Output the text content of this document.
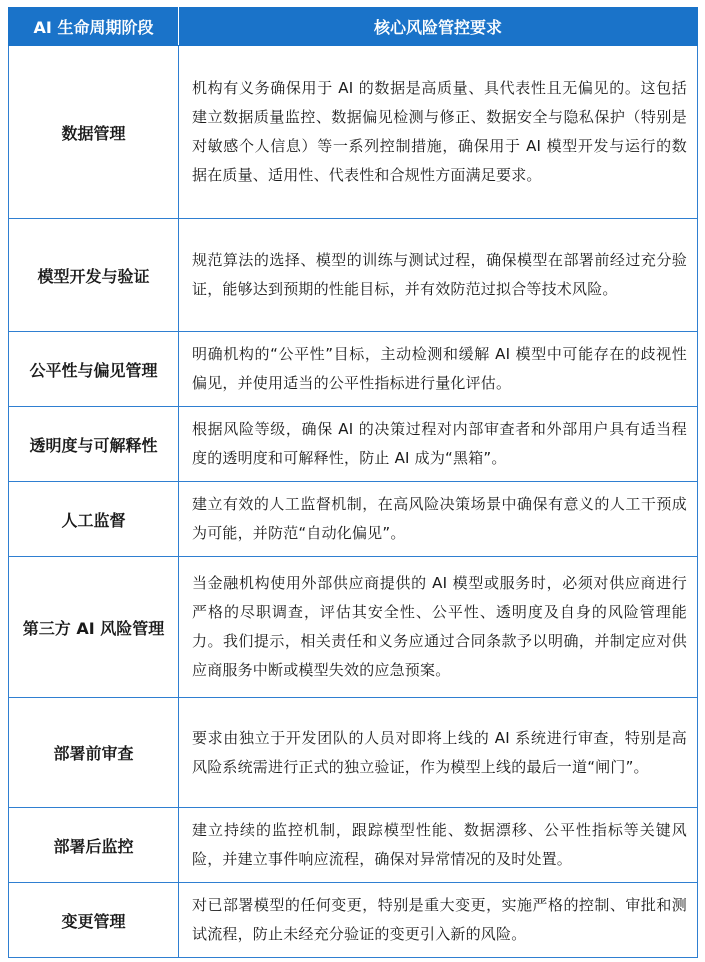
AI 生命周期阶段	核心风险管控要求
数据管理	机构有义务确保用于 AI 的数据是高质量、具代表性且无偏见的。这包括建立数据质量监控、数据偏见检测与修正、数据安全与隐私保护（特别是对敏感个人信息）等一系列控制措施，确保用于 AI 模型开发与运行的数据在质量、适用性、代表性和合规性方面满足要求。
模型开发与验证	规范算法的选择、模型的训练与测试过程，确保模型在部署前经过充分验证，能够达到预期的性能目标，并有效防范过拟合等技术风险。
公平性与偏见管理	明确机构的“公平性”目标，主动检测和缓解 AI 模型中可能存在的歧视性偏见，并使用适当的公平性指标进行量化评估。
透明度与可解释性	根据风险等级，确保 AI 的决策过程对内部审查者和外部用户具有适当程度的透明度和可解释性，防止 AI 成为“黑箱”。
人工监督	建立有效的人工监督机制，在高风险决策场景中确保有意义的人工干预成为可能，并防范“自动化偏见”。
第三方 AI 风险管理	当金融机构使用外部供应商提供的 AI 模型或服务时，必须对供应商进行严格的尽职调查，评估其安全性、公平性、透明度及自身的风险管理能力。我们提示，相关责任和义务应通过合同条款予以明确，并制定应对供应商服务中断或模型失效的应急预案。
部署前审查	要求由独立于开发团队的人员对即将上线的 AI 系统进行审查，特别是高风险系统需进行正式的独立验证，作为模型上线的最后一道“闸门”。
部署后监控	建立持续的监控机制，跟踪模型性能、数据漂移、公平性指标等关键风险，并建立事件响应流程，确保对异常情况的及时处置。
变更管理	对已部署模型的任何变更，特别是重大变更，实施严格的控制、审批和测试流程，防止未经充分验证的变更引入新的风险。
